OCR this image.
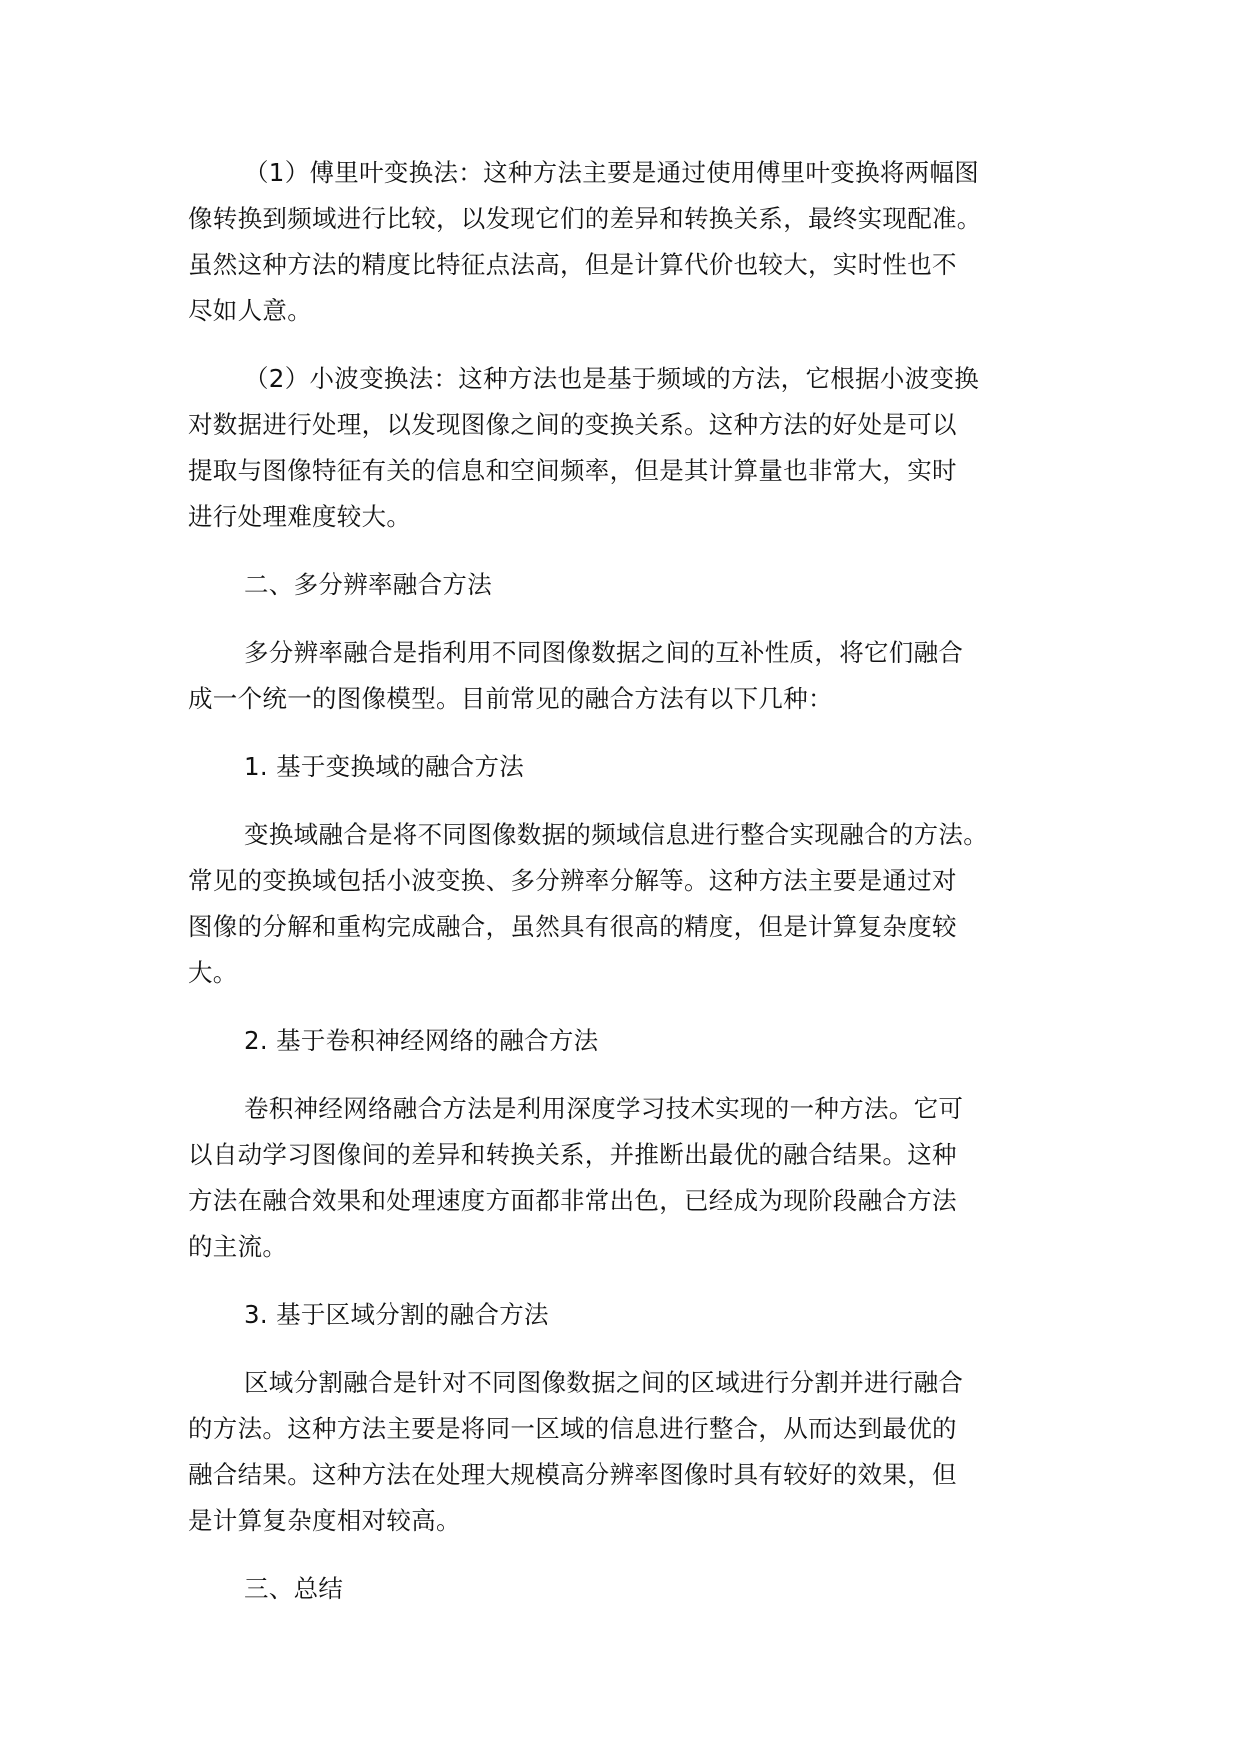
（1）傅里叶变换法：这种方法主要是通过使用傅里叶变换将两幅图
像转换到频域进行比较，以发现它们的差异和转换关系，最终实现配准。
虽然这种方法的精度比特征点法高，但是计算代价也较大，实时性也不
尽如人意。
（2）小波变换法：这种方法也是基于频域的方法，它根据小波变换
对数据进行处理，以发现图像之间的变换关系。这种方法的好处是可以
提取与图像特征有关的信息和空间频率，但是其计算量也非常大，实时
进行处理难度较大。
二、多分辨率融合方法
多分辨率融合是指利用不同图像数据之间的互补性质，将它们融合
成一个统一的图像模型。目前常见的融合方法有以下几种：
1. 基于变换域的融合方法
变换域融合是将不同图像数据的频域信息进行整合实现融合的方法。
常见的变换域包括小波变换、多分辨率分解等。这种方法主要是通过对
图像的分解和重构完成融合，虽然具有很高的精度，但是计算复杂度较
大。
2. 基于卷积神经网络的融合方法
卷积神经网络融合方法是利用深度学习技术实现的一种方法。它可
以自动学习图像间的差异和转换关系，并推断出最优的融合结果。这种
方法在融合效果和处理速度方面都非常出色，已经成为现阶段融合方法
的主流。
3. 基于区域分割的融合方法
区域分割融合是针对不同图像数据之间的区域进行分割并进行融合
的方法。这种方法主要是将同一区域的信息进行整合，从而达到最优的
融合结果。这种方法在处理大规模高分辨率图像时具有较好的效果，但
是计算复杂度相对较高。
三、总结
